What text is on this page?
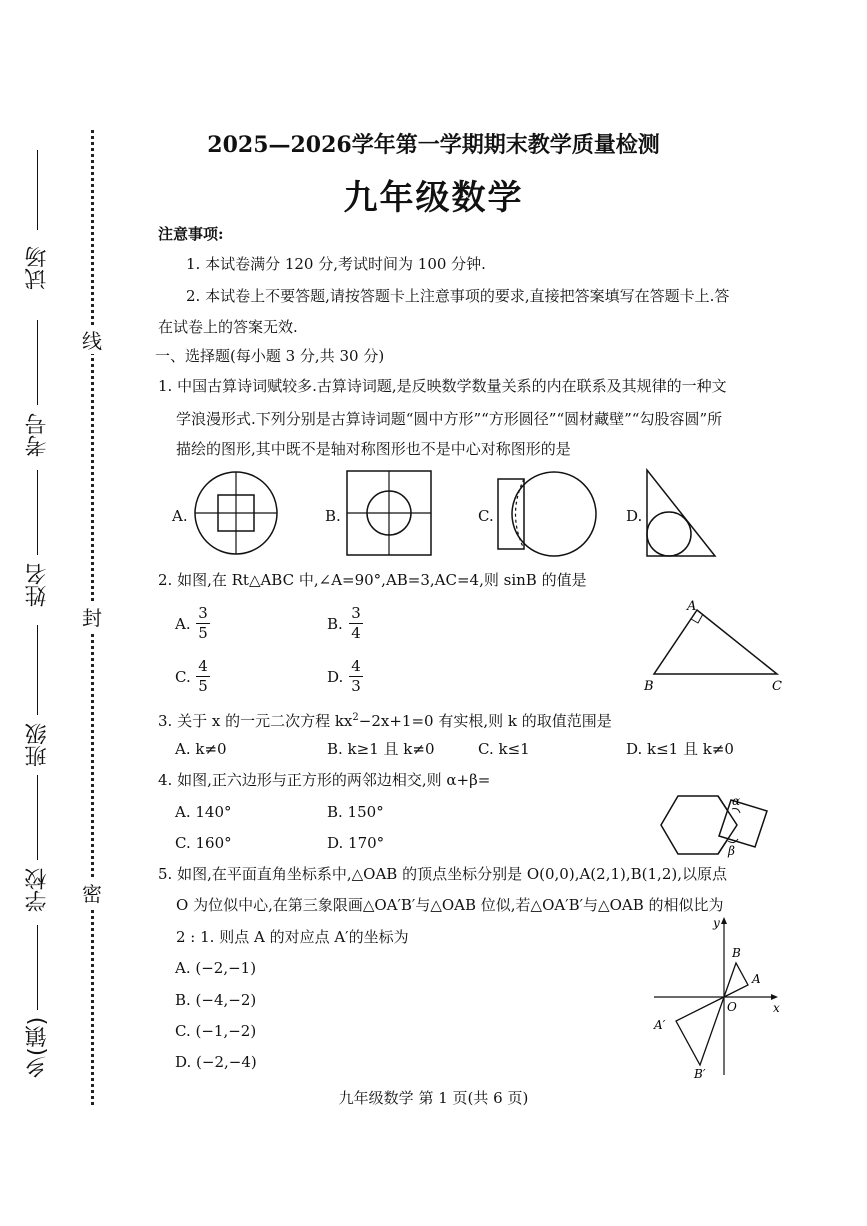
试场
考号
姓名
班级
学校
乡(镇)
线
封
密
2025—2026学年第一学期期末教学质量检测
九年级数学
注意事项:
1. 本试卷满分 120 分,考试时间为 100 分钟.
2. 本试卷上不要答题,请按答题卡上注意事项的要求,直接把答案填写在答题卡上.答
在试卷上的答案无效.
一、选择题(每小题 3 分,共 30 分)
1. 中国古算诗词赋较多.古算诗词题,是反映数学数量关系的内在联系及其规律的一种文
学浪漫形式.下列分别是古算诗词题“圆中方形”“方形圆径”“圆材藏壁”“勾股容圆”所
描绘的图形,其中既不是轴对称图形也不是中心对称图形的是
A.	B.	C.	D.
2. 如图,在 Rt△ABC 中,∠A=90°,AB=3,AC=4,则 sinB 的值是
A.
3
5	B.
3
4
C.
4
5	D.
4
3
A
B	C
3. 关于 x 的一元二次方程 $kx^2-2x+1=0$ 有实根,则 k 的取值范围是
A. k≠0	B. k≥1 且 k≠0	C. k≤1	D. k≤1 且 k≠0
4. 如图,正六边形与正方形的两邻边相交,则 α+β=
A. 140°	B. 150°
C. 160°	D. 170°
α
β
5. 如图,在平面直角坐标系中,△OAB 的顶点坐标分别是 O(0,0),A(2,1),B(1,2),以原点
O 为位似中心,在第三象限画△OA′B′与△OAB 位似,若△OA′B′与△OAB 的相似比为
2 : 1. 则点 A 的对应点 A′的坐标为
A. (−2,−1)
B. (−4,−2)
C. (−1,−2)
D. (−2,−4)
y
B
A
O	x
A′
B′
九年级数学 第 1 页(共 6 页)
